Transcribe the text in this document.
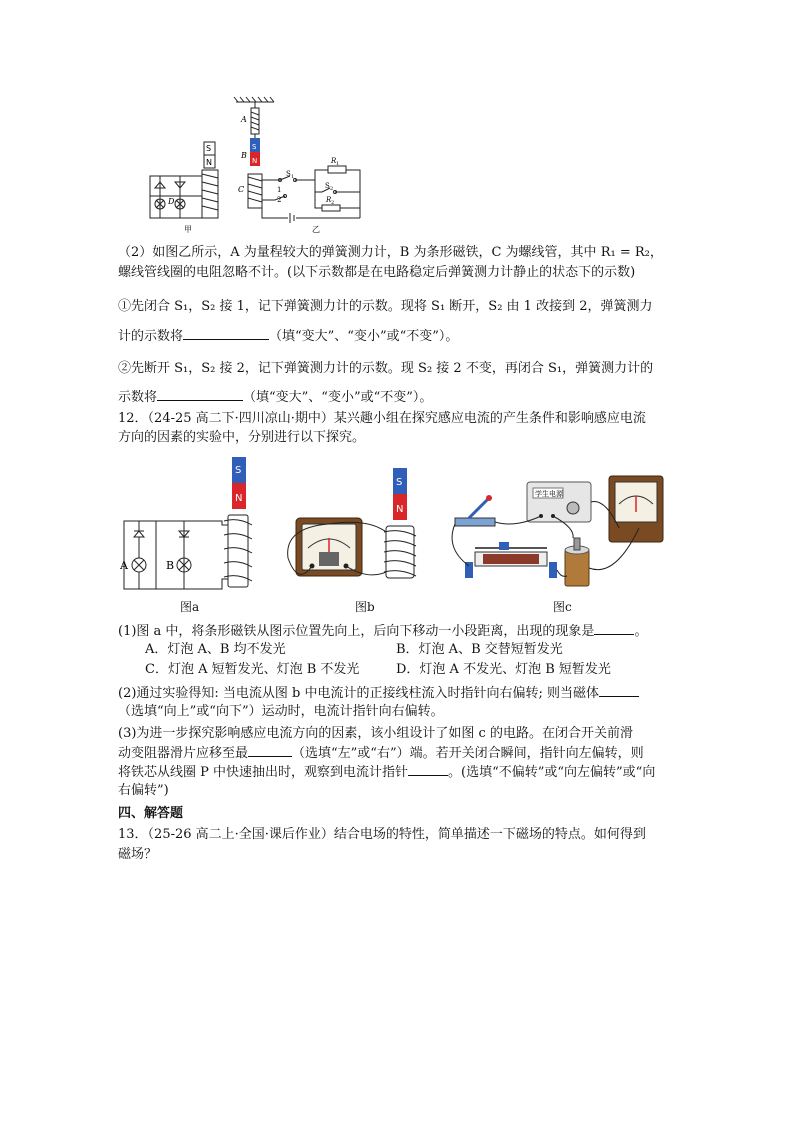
S
N
D
甲
S
N
A
B
C
S 1
R 1
S 2
R 2
1
2
乙
（2）如图乙所示，A 为量程较大的弹簧测力计，B 为条形磁铁，C 为螺线管，其中 R₁ = R₂，
螺线管线圈的电阻忽略不计。(以下示数都是在电路稳定后弹簧测力计静止的状态下的示数)
①先闭合 S₁，S₂ 接 1，记下弹簧测力计的示数。现将 S₁ 断开，S₂ 由 1 改接到 2，弹簧测力
计的示数将	（填“变大”、“变小”或“不变”）。
②先断开 S₁，S₂ 接 2，记下弹簧测力计的示数。现 S₂ 接 2 不变，再闭合 S₁，弹簧测力计的
示数将	（填“变大”、“变小”或“不变”）。
12．（24-25 高二下·四川凉山·期中）某兴趣小组在探究感应电流的产生条件和影响感应电流
方向的因素的实验中，分别进行以下探究。
S
N
A	B
图a
S
N
图b
学生电源
图c
(1)图 a 中，将条形磁铁从图示位置先向上，后向下移动一小段距离，出现的现象是	。
A．灯泡 A、B 均不发光	B．灯泡 A、B 交替短暂发光
C．灯泡 A 短暂发光、灯泡 B 不发光	D．灯泡 A 不发光、灯泡 B 短暂发光
(2)通过实验得知: 当电流从图 b 中电流计的正接线柱流入时指针向右偏转; 则当磁体
（选填“向上”或“向下”）运动时，电流计指针向右偏转。
(3)为进一步探究影响感应电流方向的因素，该小组设计了如图 c 的电路。在闭合开关前滑
动变阻器滑片应移至最	（选填“左”或“右”）端。若开关闭合瞬间，指针向左偏转，则
将铁芯从线圈 P 中快速抽出时，观察到电流计指针	。(选填“不偏转”或“向左偏转”或“向
右偏转”)
四、解答题
13．（25-26 高二上·全国·课后作业）结合电场的特性，简单描述一下磁场的特点。如何得到
磁场？
